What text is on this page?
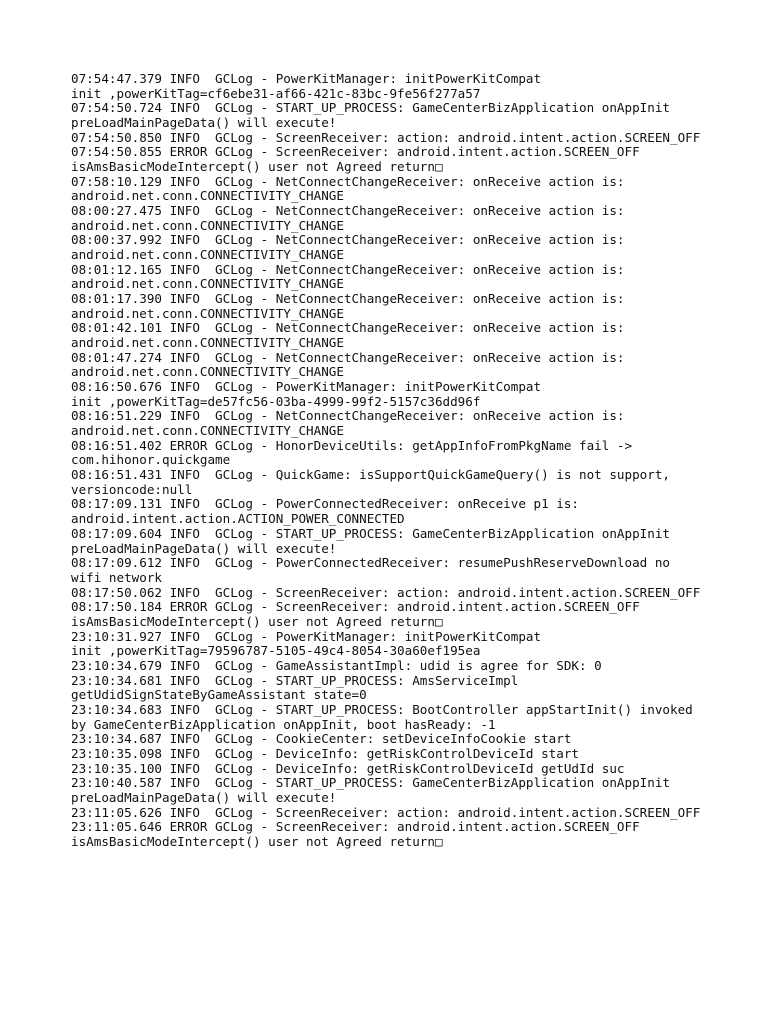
07:54:47.379 INFO  GCLog - PowerKitManager: initPowerKitCompat
init ,powerKitTag=cf6ebe31-af66-421c-83bc-9fe56f277a57
07:54:50.724 INFO  GCLog - START_UP_PROCESS: GameCenterBizApplication onAppInit
preLoadMainPageData() will execute!
07:54:50.850 INFO  GCLog - ScreenReceiver: action: android.intent.action.SCREEN_OFF
07:54:50.855 ERROR GCLog - ScreenReceiver: android.intent.action.SCREEN_OFF
isAmsBasicModeIntercept() user not Agreed return□
07:58:10.129 INFO  GCLog - NetConnectChangeReceiver: onReceive action is:
android.net.conn.CONNECTIVITY_CHANGE
08:00:27.475 INFO  GCLog - NetConnectChangeReceiver: onReceive action is:
android.net.conn.CONNECTIVITY_CHANGE
08:00:37.992 INFO  GCLog - NetConnectChangeReceiver: onReceive action is:
android.net.conn.CONNECTIVITY_CHANGE
08:01:12.165 INFO  GCLog - NetConnectChangeReceiver: onReceive action is:
android.net.conn.CONNECTIVITY_CHANGE
08:01:17.390 INFO  GCLog - NetConnectChangeReceiver: onReceive action is:
android.net.conn.CONNECTIVITY_CHANGE
08:01:42.101 INFO  GCLog - NetConnectChangeReceiver: onReceive action is:
android.net.conn.CONNECTIVITY_CHANGE
08:01:47.274 INFO  GCLog - NetConnectChangeReceiver: onReceive action is:
android.net.conn.CONNECTIVITY_CHANGE
08:16:50.676 INFO  GCLog - PowerKitManager: initPowerKitCompat
init ,powerKitTag=de57fc56-03ba-4999-99f2-5157c36dd96f
08:16:51.229 INFO  GCLog - NetConnectChangeReceiver: onReceive action is:
android.net.conn.CONNECTIVITY_CHANGE
08:16:51.402 ERROR GCLog - HonorDeviceUtils: getAppInfoFromPkgName fail ->
com.hihonor.quickgame
08:16:51.431 INFO  GCLog - QuickGame: isSupportQuickGameQuery() is not support,
versioncode:null
08:17:09.131 INFO  GCLog - PowerConnectedReceiver: onReceive p1 is:
android.intent.action.ACTION_POWER_CONNECTED
08:17:09.604 INFO  GCLog - START_UP_PROCESS: GameCenterBizApplication onAppInit
preLoadMainPageData() will execute!
08:17:09.612 INFO  GCLog - PowerConnectedReceiver: resumePushReserveDownload no
wifi network
08:17:50.062 INFO  GCLog - ScreenReceiver: action: android.intent.action.SCREEN_OFF
08:17:50.184 ERROR GCLog - ScreenReceiver: android.intent.action.SCREEN_OFF
isAmsBasicModeIntercept() user not Agreed return□
23:10:31.927 INFO  GCLog - PowerKitManager: initPowerKitCompat
init ,powerKitTag=79596787-5105-49c4-8054-30a60ef195ea
23:10:34.679 INFO  GCLog - GameAssistantImpl: udid is agree for SDK: 0
23:10:34.681 INFO  GCLog - START_UP_PROCESS: AmsServiceImpl
getUdidSignStateByGameAssistant state=0
23:10:34.683 INFO  GCLog - START_UP_PROCESS: BootController appStartInit() invoked
by GameCenterBizApplication onAppInit, boot hasReady: -1
23:10:34.687 INFO  GCLog - CookieCenter: setDeviceInfoCookie start
23:10:35.098 INFO  GCLog - DeviceInfo: getRiskControlDeviceId start
23:10:35.100 INFO  GCLog - DeviceInfo: getRiskControlDeviceId getUdId suc
23:10:40.587 INFO  GCLog - START_UP_PROCESS: GameCenterBizApplication onAppInit
preLoadMainPageData() will execute!
23:11:05.626 INFO  GCLog - ScreenReceiver: action: android.intent.action.SCREEN_OFF
23:11:05.646 ERROR GCLog - ScreenReceiver: android.intent.action.SCREEN_OFF
isAmsBasicModeIntercept() user not Agreed return□
